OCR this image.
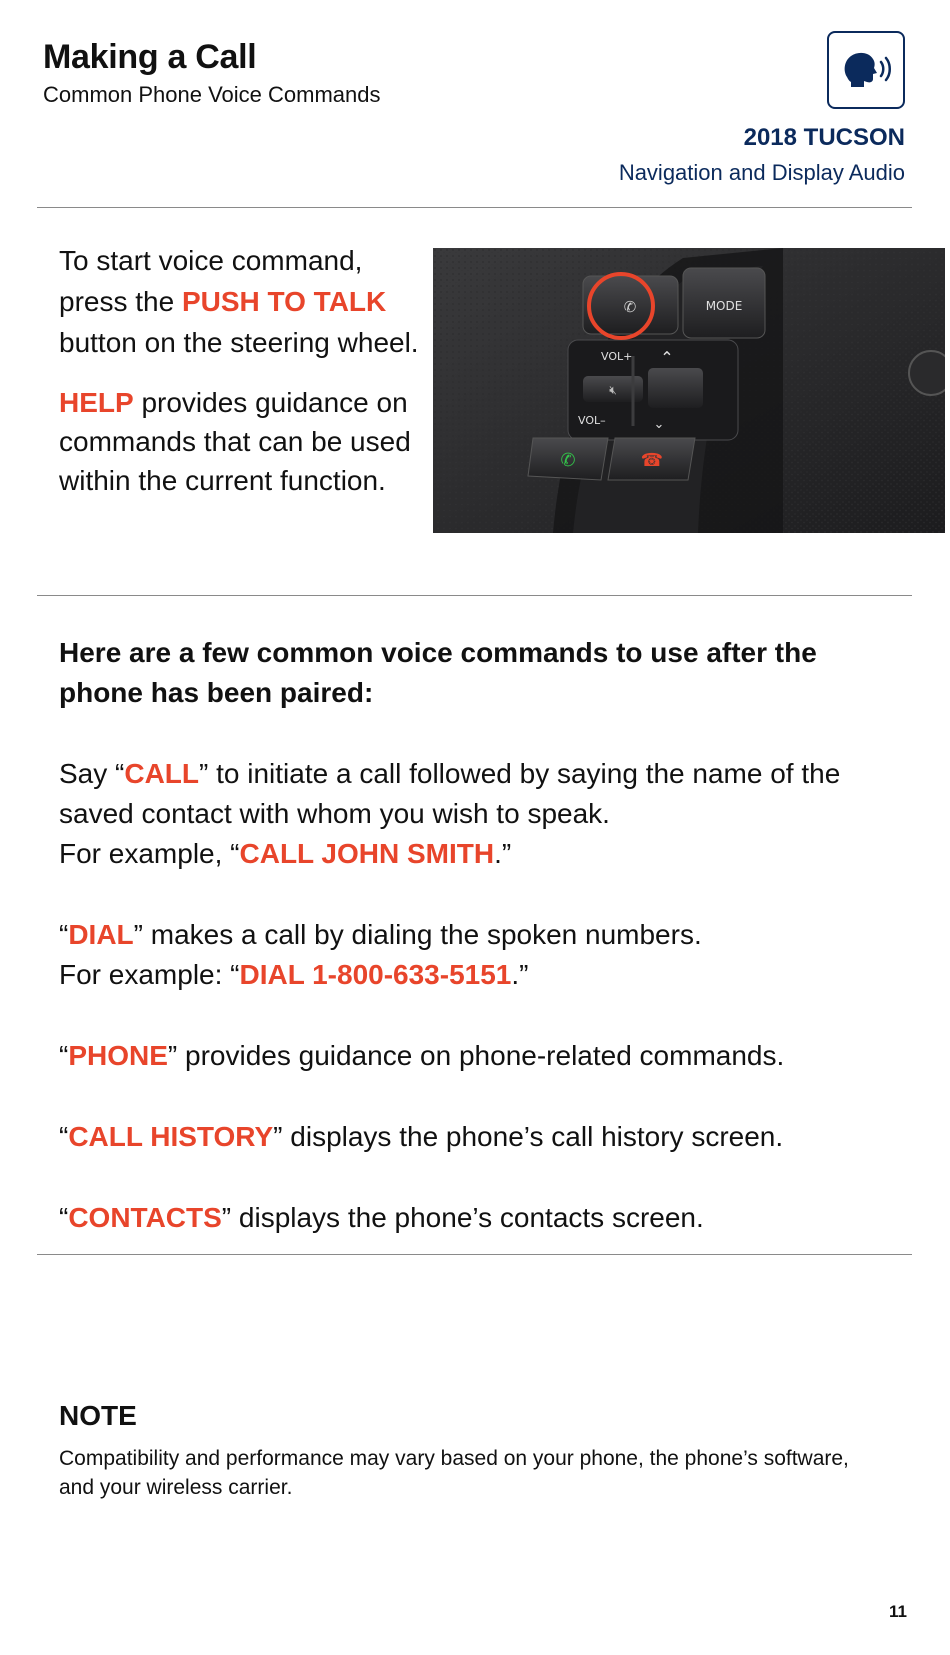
Making a Call
Common Phone Voice Commands
2018 TUCSON
Navigation and Display Audio

To start voice command, press the PUSH TO TALK button on the steering wheel.

HELP provides guidance on commands that can be used within the current function.

✆	MODE
VOL+ ⌃
🔇︎
VOL–	⌄
✆	☎︎

Here are a few common voice commands to use after the phone has been paired:

Say “CALL” to initiate a call followed by saying the name of the saved contact with whom you wish to speak.
For example, “CALL JOHN SMITH.”

“DIAL” makes a call by dialing the spoken numbers.
For example: “DIAL 1-800-633-5151.”

“PHONE” provides guidance on phone-related commands.

“CALL HISTORY” displays the phone’s call history screen.

“CONTACTS” displays the phone’s contacts screen.

NOTE
Compatibility and performance may vary based on your phone, the phone’s software, and your wireless carrier.
11
